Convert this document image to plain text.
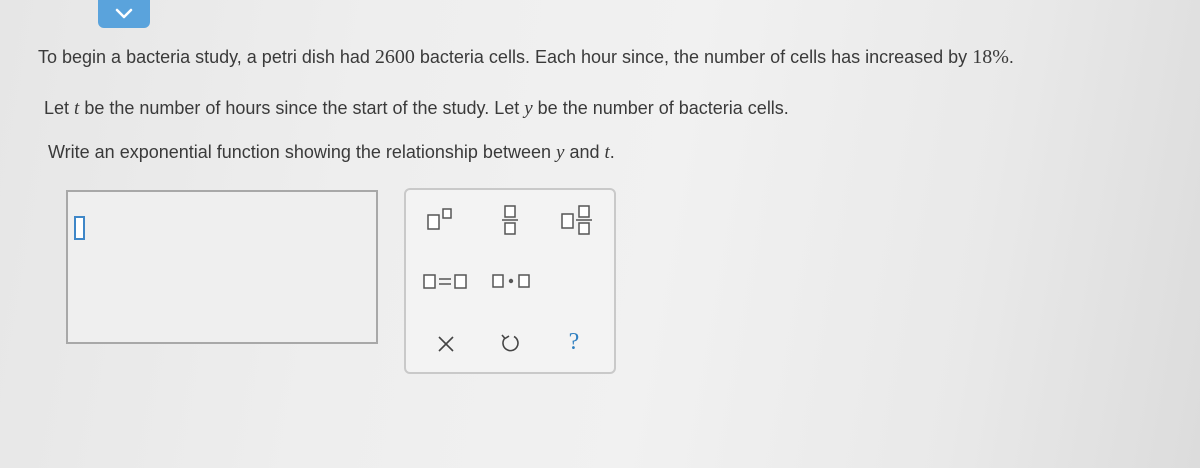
To begin a bacteria study, a petri dish had 2600 bacteria cells. Each hour since, the number of cells has increased by 18%.
Let t be the number of hours since the start of the study. Let y be the number of bacteria cells.
Write an exponential function showing the relationship between y and t.
?
